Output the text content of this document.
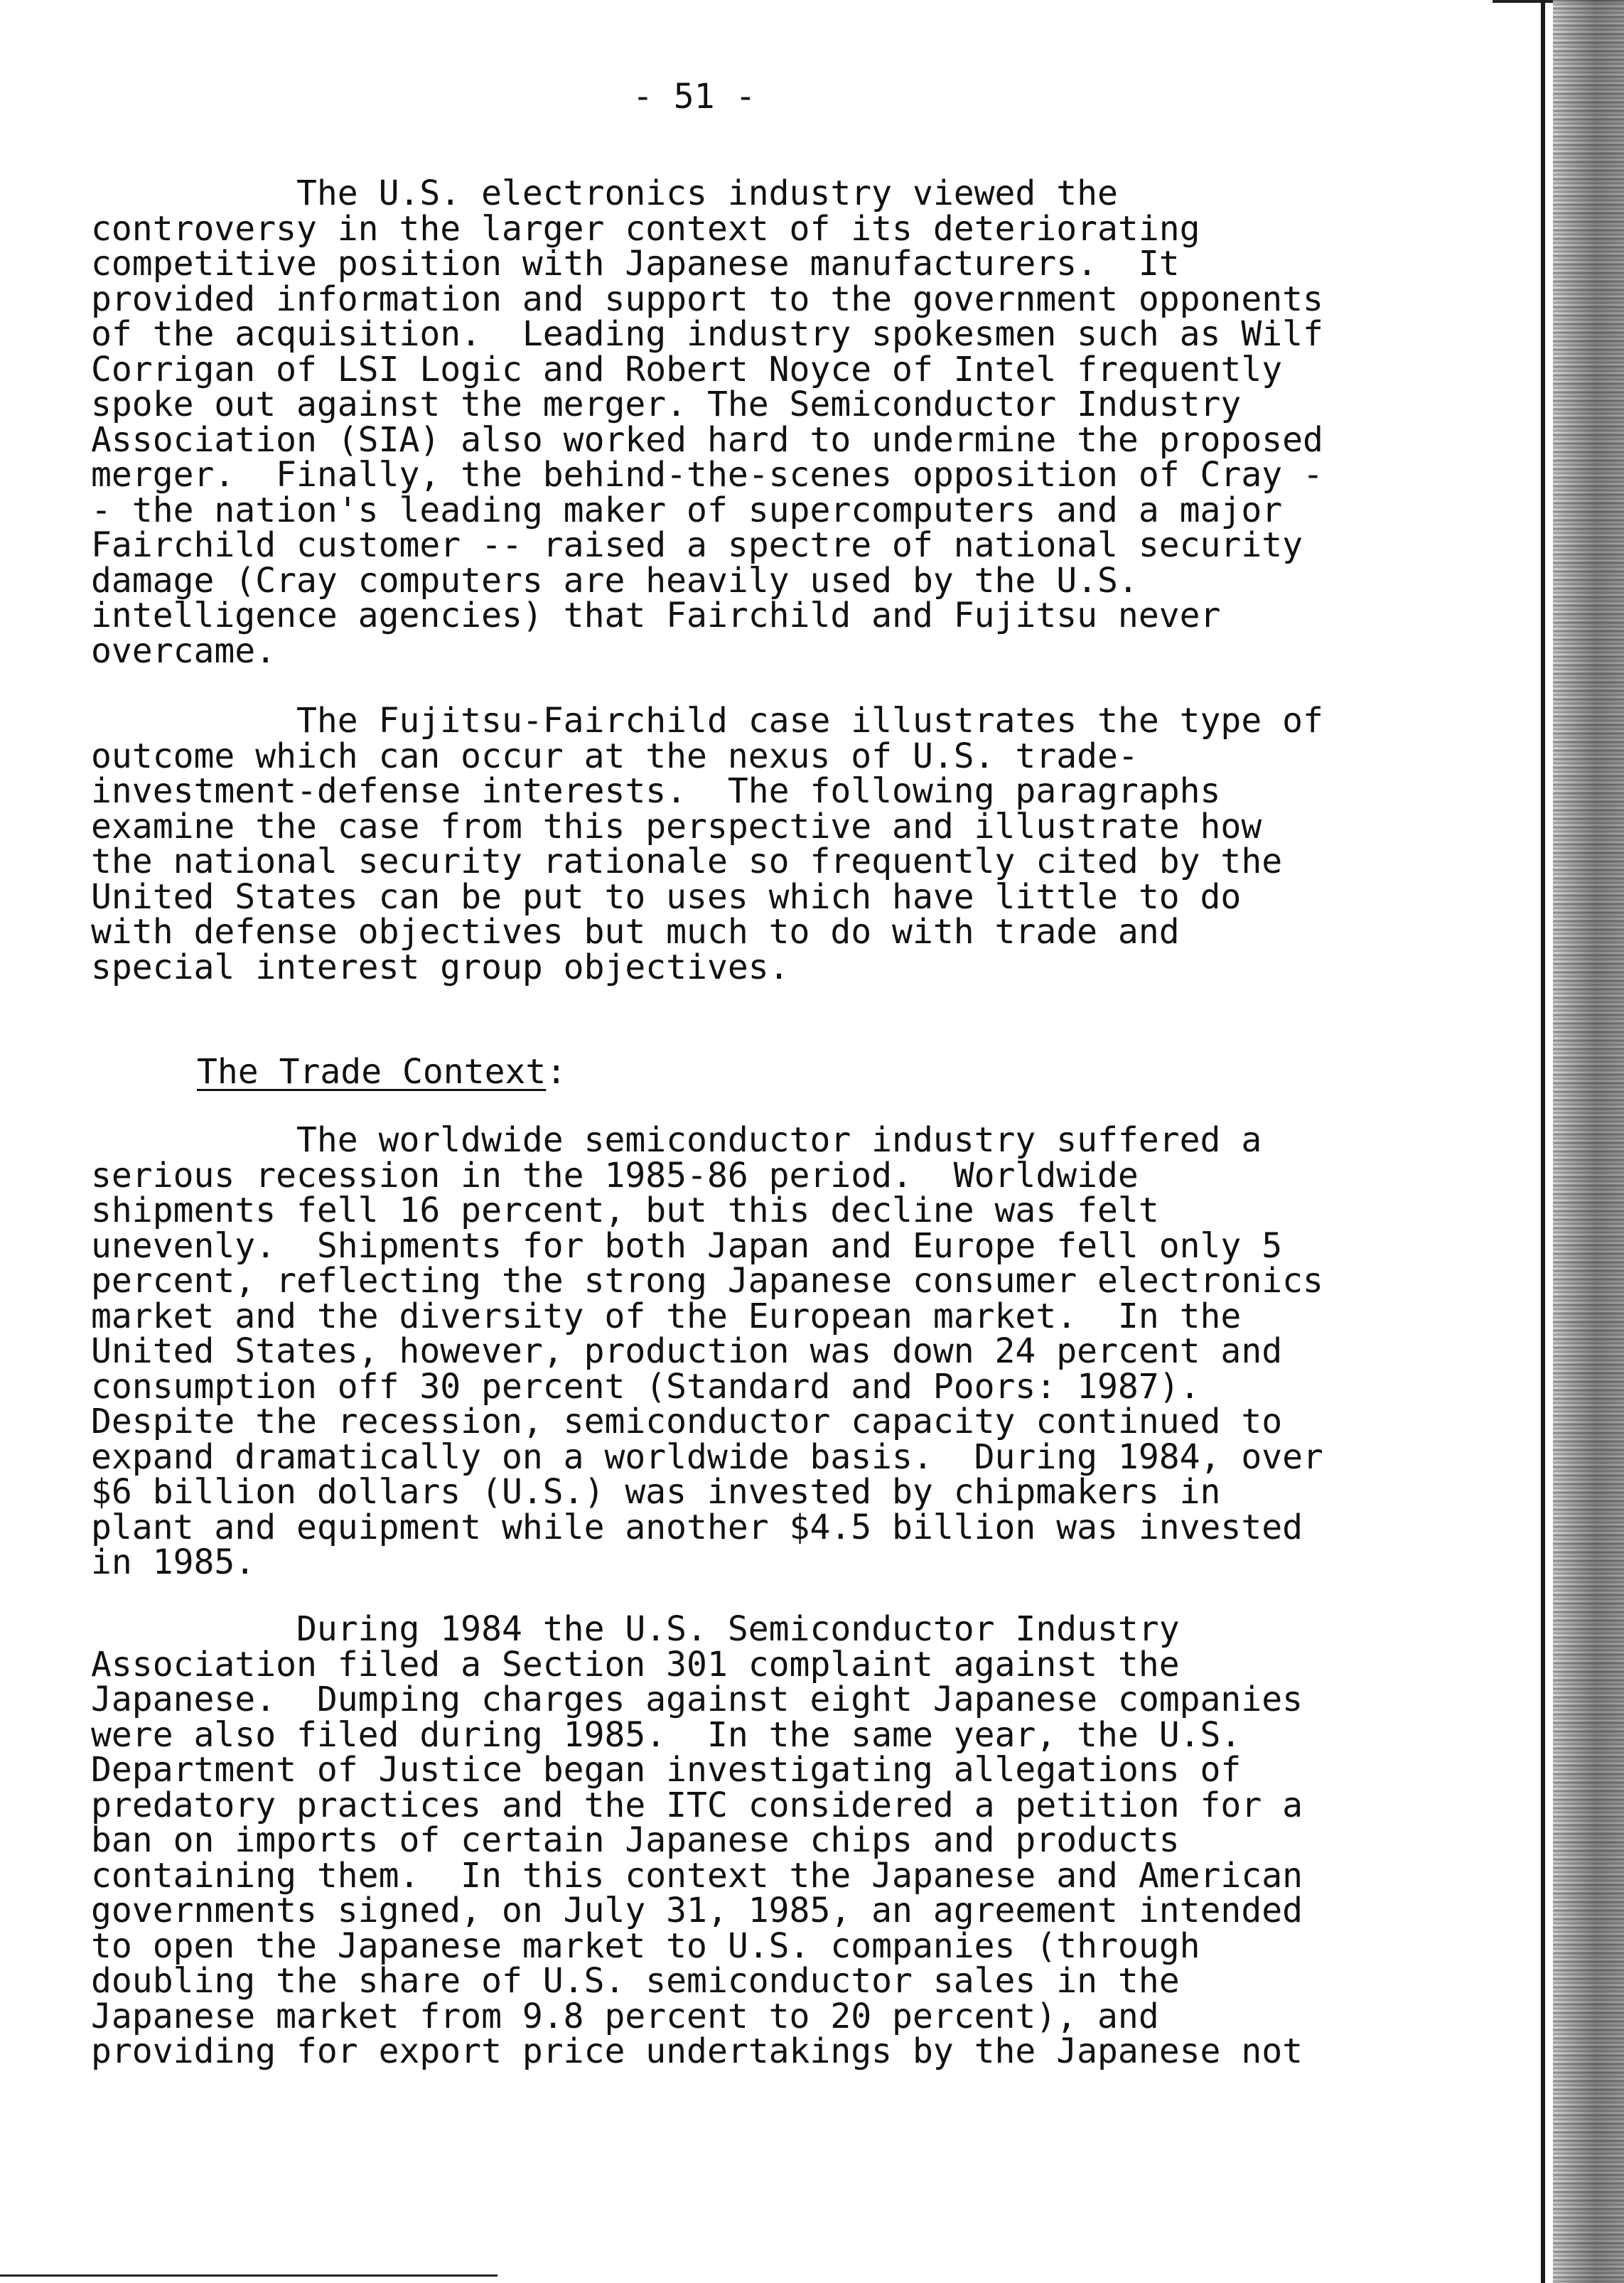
- 51 -

The U.S. electronics industry viewed the
controversy in the larger context of its deteriorating
competitive position with Japanese manufacturers.  It
provided information and support to the government opponents
of the acquisition.  Leading industry spokesmen such as Wilf
Corrigan of LSI Logic and Robert Noyce of Intel frequently
spoke out against the merger. The Semiconductor Industry
Association (SIA) also worked hard to undermine the proposed
merger.  Finally, the behind-the-scenes opposition of Cray -
- the nation's leading maker of supercomputers and a major
Fairchild customer -- raised a spectre of national security
damage (Cray computers are heavily used by the U.S.
intelligence agencies) that Fairchild and Fujitsu never
overcame.

The Fujitsu-Fairchild case illustrates the type of
outcome which can occur at the nexus of U.S. trade-
investment-defense interests.  The following paragraphs
examine the case from this perspective and illustrate how
the national security rationale so frequently cited by the
United States can be put to uses which have little to do
with defense objectives but much to do with trade and
special interest group objectives.

The Trade Context:

The worldwide semiconductor industry suffered a
serious recession in the 1985-86 period.  Worldwide
shipments fell 16 percent, but this decline was felt
unevenly.  Shipments for both Japan and Europe fell only 5
percent, reflecting the strong Japanese consumer electronics
market and the diversity of the European market.  In the
United States, however, production was down 24 percent and
consumption off 30 percent (Standard and Poors: 1987).
Despite the recession, semiconductor capacity continued to
expand dramatically on a worldwide basis.  During 1984, over
$6 billion dollars (U.S.) was invested by chipmakers in
plant and equipment while another $4.5 billion was invested
in 1985.

During 1984 the U.S. Semiconductor Industry
Association filed a Section 301 complaint against the
Japanese.  Dumping charges against eight Japanese companies
were also filed during 1985.  In the same year, the U.S.
Department of Justice began investigating allegations of
predatory practices and the ITC considered a petition for a
ban on imports of certain Japanese chips and products
containing them.  In this context the Japanese and American
governments signed, on July 31, 1985, an agreement intended
to open the Japanese market to U.S. companies (through
doubling the share of U.S. semiconductor sales in the
Japanese market from 9.8 percent to 20 percent), and
providing for export price undertakings by the Japanese not
